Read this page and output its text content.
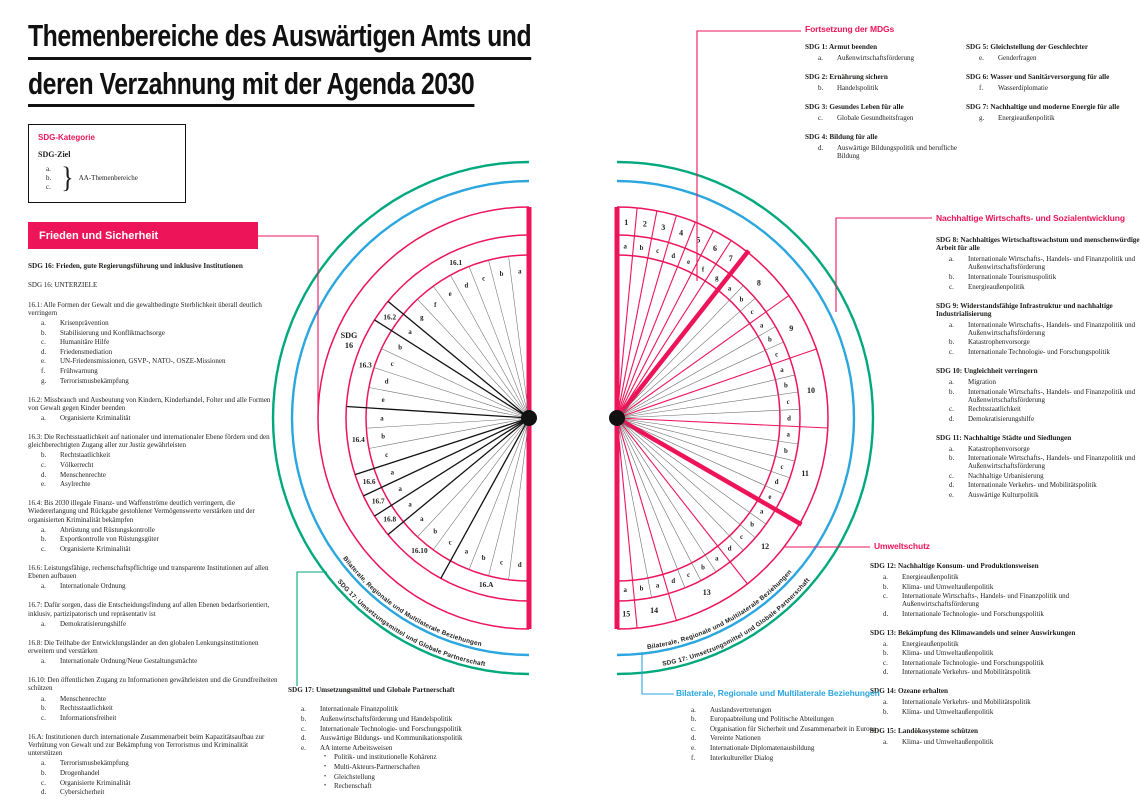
a
b
c
d
e
f
g
16.1
a
16.2
b
c
d
e
16.3
a
b
c
16.4
a
16.6
a
16.7	a
16.8	a
b
c
16.10	a
b
c d
16.A
SDG
16
Bilaterale, Regionale und Multilaterale Beziehungen
SDG 17: Umsetzungsmittel und Globale Partnerschaft
a
1
b
2
c
3
d
4
e
5
f
6
g
7
a
b
c
8
a
b
c
9
a
b
c
d
10
a
b
c
d
e
11
a
b
c
d	12
a
b
c
d
13
a
b
14
a
15
Bilaterale, Regionale und Multilaterale Beziehungen
SDG 17: Umsetzungsmittel und Globale Partnerschaft
Themenbereiche des Auswärtigen Amts und
deren Verzahnung mit der Agenda 2030
SDG-Kategorie
SDG-Ziel
a.
b.
c. } AA-Themenbereiche
Frieden und Sicherheit
SDG 16: Frieden, gute Regierungsführung und inklusive Institutionen
SDG 16: UNTERZIELE
16.1: Alle Formen der Gewalt und die gewaltbedingte Sterblichkeit überall deutlich verringern
a.	Krisenprävention
b.	Stabilisierung und Konfliktnachsorge
c.	Humanitäre Hilfe
d.	Friedensmediation
e.	UN-Friedensmissionen, GSVP-, NATO-, OSZE-Missionen
f.	Frühwarnung
g.	Terrorismusbekämpfung
16.2: Missbrauch und Ausbeutung von Kindern, Kinderhandel, Folter und alle Formen von Gewalt gegen Kinder beenden
a.	Organisierte Kriminalität
16.3: Die Rechtsstaatlichkeit auf nationaler und internationaler Ebene fördern und den gleichberechtigten Zugang aller zur Justiz gewährleisten
b.	Rechtstaatlichkeit
c.	Völkerrecht
d.	Menschenrechte
e.	Asylrechte
16.4: Bis 2030 illegale Finanz- und Waffenströme deutlich verringern, die Wiedererlangung und Rückgabe gestohlener Vermögenswerte verstärken und der organisierten Kriminalität bekämpfen
a.	Abrüstung und Rüstungskontrolle
b.	Exportkontrolle von Rüstungsgüter
c.	Organisierte Kriminalität
16.6: Leistungsfähige, rechenschaftspflichtige und transparente Institutionen auf allen Ebenen aufbauen
a.	Internationale Ordnung
16.7: Dafür sorgen, dass die Entscheidungsfindung auf allen Ebenen bedarfsorientiert, inklusiv, partizipatorisch und repräsentativ ist
a.	Demokratisierungshilfe
16.8: Die Teilhabe der Entwicklungsländer an den globalen Lenkungsinstitutionen erweitern und verstärken
a.	Internationale Ordnung/Neue Gestaltungsmächte
16.10: Den öffentlichen Zugang zu Informationen gewährleisten und die Grundfreiheiten schützen
a.	Menschenrechte
b.	Rechtsstaatlichkeit
c.	Informationsfreiheit
16.A: Institutionen durch internationale Zusammenarbeit beim Kapazitätsaufbau zur Verhütung von Gewalt und zur Bekämpfung von Terrorismus und Kriminalität unterstützen
a.	Terrorismusbekämpfung
b.	Drogenhandel
c.	Organisierte Kriminalität
d.	Cybersicherheit
Fortsetzung der MDGs
SDG 1: Armut beenden
a.	Außenwirtschaftsförderung
SDG 2: Ernährung sichern
b.	Handelspolitik
SDG 3: Gesundes Leben für alle
c.	Globale Gesundheitsfragen
SDG 4: Bildung für alle
d.	Auswärtige Bildungspolitik und berufliche Bildung
SDG 5: Gleichstellung der Geschlechter
e.	Genderfragen
SDG 6: Wasser und Sanitärversorgung für alle
f.	Wasserdiplomatie
SDG 7: Nachhaltige und moderne Energie für alle
g.	Energieaußenpolitik
Nachhaltige Wirtschafts- und Sozialentwicklung
SDG 8: Nachhaltiges Wirtschaftswachstum und menschenwürdige Arbeit für alle
a.	Internationale Wirtschafts-, Handels- und Finanzpolitik und Außenwirtschaftsförderung
b.	Internationale Tourismuspolitik
c.	Energieaußenpolitik
SDG 9: Widerstandsfähige Infrastruktur und nachhaltige Industrialisierung
a.	Internationale Wirtschafts-, Handels- und Finanzpolitik und Außenwirtschaftsförderung
b.	Katastrophenvorsorge
c.	Internationale Technologie- und Forschungspolitik
SDG 10: Ungleichheit verringern
a.	Migration
b.	Internationale Wirtschafts-, Handels- und Finanzpolitik und Außenwirtschaftsförderung
c.	Rechtsstaatlichkeit
d.	Demokratisierungshilfe
SDG 11: Nachhaltige Städte und Siedlungen
a.	Katastrophenvorsorge
b.	Internationale Wirtschafts-, Handels- und Finanzpolitik und Außenwirtschaftsförderung
c.	Nachhaltige Urbanisierung
d.	Internationale Verkehrs- und Mobilitätspolitik
e.	Auswärtige Kulturpolitik
Umweltschutz
SDG 12: Nachhaltige Konsum- und Produktionsweisen
a.	Energieaußenpolitik
b.	Klima- und Umweltaußenpolitik
c.	Internationale Wirtschafts-, Handels- und Finanzpolitik und Außenwirtschaftsförderung
d.	Internationale Technologie- und Forschungspolitik
SDG 13: Bekämpfung des Klimawandels und seiner Auswirkungen
a.	Energieaußenpolitik
b.	Klima- und Umweltaußenpolitik
c.	Internationale Technologie- und Forschungspolitik
d.	Internationale Verkehrs- und Mobilitätspolitik
SDG 14: Ozeane erhalten
a.	Internationale Verkehrs- und Mobilitätspolitik
b.	Klima- und Umweltaußenpolitik
SDG 15: Landökosysteme schützen
a.	Klima- und Umweltaußenpolitik
SDG 17: Umsetzungsmittel und Globale Partnerschaft
a.	Internationale Finanzpolitik
b.	Außenwirtschaftsförderung und Handelspolitik
c.	Internationale Technologie- und Forschungspolitik
d.	Auswärtige Bildungs- und Kommunikationspolitik
e.	AA interne Arbeitsweisen
•	Politik- und institutionelle Kohärenz
•	Multi-Akteurs-Partnerschaften
•	Gleichstellung
•	Rechenschaft
Bilaterale, Regionale und Multilaterale Beziehungen
a.	Auslandsvertretungen
b.	Europaabteilung und Politische Abteilungen
c.	Organisation für Sicherheit und Zusammenarbeit in Europa
d.	Vereinte Nationen
e.	Internationale Diplomatenausbildung
f.	Interkultureller Dialog
